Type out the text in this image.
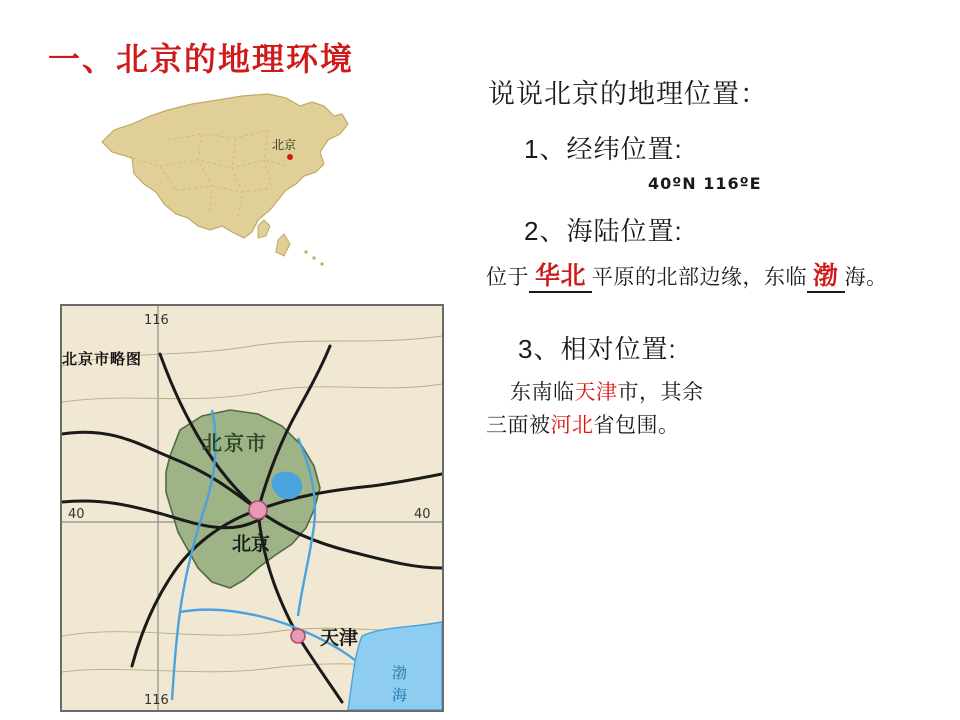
一、北京的地理环境
北京
渤
海
北京
天津
北京市
116
116
40	40
北京市略图
说说北京的地理位置：
1、经纬位置:
40ºN 116ºE
2、海陆位置:
位于 华北 平原的北部边缘，东临 渤 海。
3、相对位置:
东南临天津市，其余
三面被河北省包围。
